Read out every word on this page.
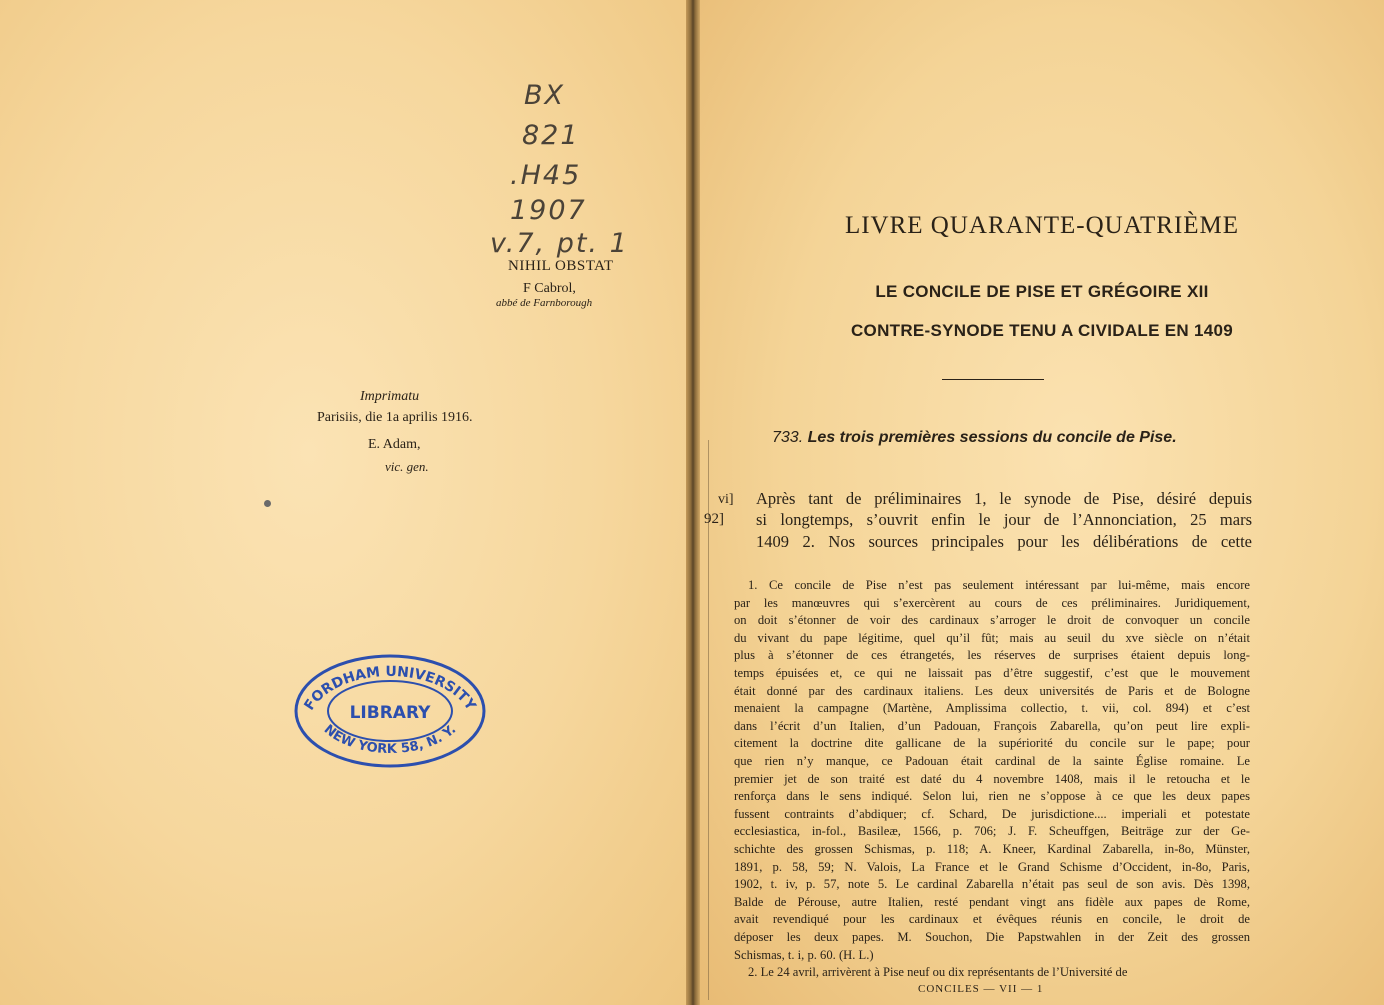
BX
821
.H45
1907
v.7, pt. 1
NIHIL OBSTAT
F Cabrol,
abbé de Farnborough
Imprimatu
Parisiis, die 1a aprilis 1916.
E. Adam,
vic. gen.
FORDHAM UNIVERSITY
LIBRARY
NEW YORK 58, N. Y.
LIVRE QUARANTE-QUATRIÈME
LE CONCILE DE PISE ET GRÉGOIRE XII
CONTRE-SYNODE TENU A CIVIDALE EN 1409
733. Les trois premières sessions du concile de Pise.
vi]
92]
Après tant de préliminaires 1, le synode de Pise, désiré depuis
si longtemps, s’ouvrit enfin le jour de l’Annonciation, 25 mars
1409 2. Nos sources principales pour les délibérations de cette
1. Ce concile de Pise n’est pas seulement intéressant par lui-même, mais encore
par les manœuvres qui s’exercèrent au cours de ces préliminaires. Juridiquement,
on doit s’étonner de voir des cardinaux s’arroger le droit de convoquer un concile
du vivant du pape légitime, quel qu’il fût; mais au seuil du xve siècle on n’était
plus à s’étonner de ces étrangetés, les réserves de surprises étaient depuis long-
temps épuisées et, ce qui ne laissait pas d’être suggestif, c’est que le mouvement
était donné par des cardinaux italiens. Les deux universités de Paris et de Bologne
menaient la campagne (Martène, Amplissima collectio, t. vii, col. 894) et c’est
dans l’écrit d’un Italien, d’un Padouan, François Zabarella, qu’on peut lire expli-
citement la doctrine dite gallicane de la supériorité du concile sur le pape; pour
que rien n’y manque, ce Padouan était cardinal de la sainte Église romaine. Le
premier jet de son traité est daté du 4 novembre 1408, mais il le retoucha et le
renforça dans le sens indiqué. Selon lui, rien ne s’oppose à ce que les deux papes
fussent contraints d’abdiquer; cf. Schard, De jurisdictione.... imperiali et potestate
ecclesiastica, in-fol., Basileæ, 1566, p. 706; J. F. Scheuffgen, Beiträge zur der Ge-
schichte des grossen Schismas, p. 118; A. Kneer, Kardinal Zabarella, in-8o, Münster,
1891, p. 58, 59; N. Valois, La France et le Grand Schisme d’Occident, in-8o, Paris,
1902, t. iv, p. 57, note 5. Le cardinal Zabarella n’était pas seul de son avis. Dès 1398,
Balde de Pérouse, autre Italien, resté pendant vingt ans fidèle aux papes de Rome,
avait revendiqué pour les cardinaux et évêques réunis en concile, le droit de
déposer les deux papes. M. Souchon, Die Papstwahlen in der Zeit des grossen
Schismas, t. i, p. 60. (H. L.)
2. Le 24 avril, arrivèrent à Pise neuf ou dix représentants de l’Université de
CONCILES — VII — 1
